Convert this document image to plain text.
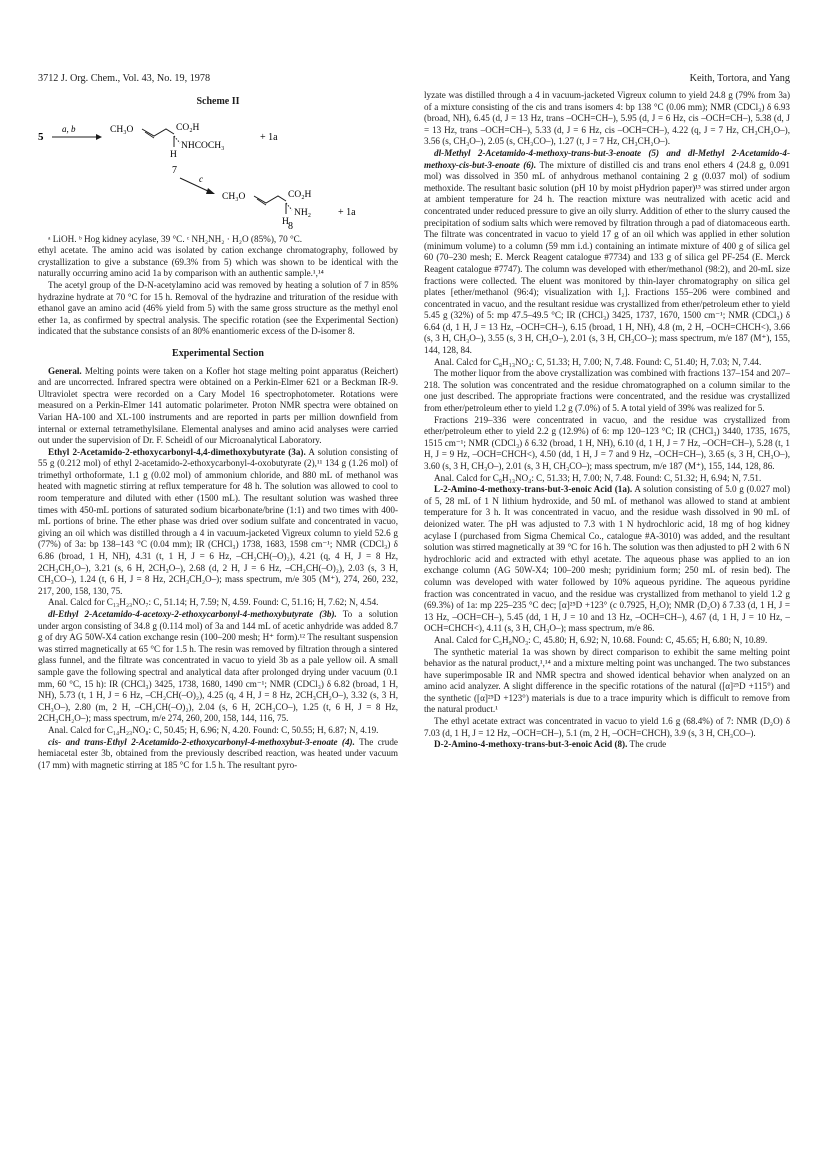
3712 J. Org. Chem., Vol. 43, No. 19, 1978	Keith, Tortora, and Yang
Scheme II
5
a, b	CH₃O	CO₂H
NHCOCH₃
H
+ 1a
7
c
CH₃O	CO₂H
NH₂
H
+ 1a
8

ᵃ LiOH. ᵇ Hog kidney acylase, 39 °C. ᶜ NH₂NH₂ · H₂O (85%), 70 °C.

ethyl acetate. The amino acid was isolated by cation exchange chromatography, followed by crystallization to give a substance (69.3% from 5) which was shown to be identical with the naturally occurring amino acid 1a by comparison with an authentic sample.¹,¹⁴

The acetyl group of the D-N-acetylamino acid was removed by heating a solution of 7 in 85% hydrazine hydrate at 70 °C for 15 h. Removal of the hydrazine and trituration of the residue with ethanol gave an amino acid (46% yield from 5) with the same gross structure as the methyl enol ether 1a, as confirmed by spectral analysis. The specific rotation (see the Experimental Section) indicated that the substance consists of an 80% enantiomeric excess of the D-isomer 8.

Experimental Section

General. Melting points were taken on a Kofler hot stage melting point apparatus (Reichert) and are uncorrected. Infrared spectra were obtained on a Perkin-Elmer 621 or a Beckman IR-9. Ultraviolet spectra were recorded on a Cary Model 16 spectrophotometer. Rotations were measured on a Perkin-Elmer 141 automatic polarimeter. Proton NMR spectra were obtained on Varian HA-100 and XL-100 instruments and are reported in parts per million downfield from internal or external tetramethylsilane. Elemental analyses and amino acid analyses were carried out under the supervision of Dr. F. Scheidl of our Microanalytical Laboratory.

Ethyl 2-Acetamido-2-ethoxycarbonyl-4,4-dimethoxybutyrate (3a). A solution consisting of 55 g (0.212 mol) of ethyl 2-acetamido-2-ethoxycarbonyl-4-oxobutyrate (2),¹¹ 134 g (1.26 mol) of trimethyl orthoformate, 1.1 g (0.02 mol) of ammonium chloride, and 880 mL of methanol was heated with magnetic stirring at reflux temperature for 48 h. The solution was allowed to cool to room temperature and diluted with ether (1500 mL). The resultant solution was washed three times with 450-mL portions of saturated sodium bicarbonate/brine (1:1) and two times with 400-mL portions of brine. The ether phase was dried over sodium sulfate and concentrated in vacuo, giving an oil which was distilled through a 4 in vacuum-jacketed Vigreux column to yield 52.6 g (77%) of 3a: bp 138–143 °C (0.04 mm); IR (CHCl₃) 1738, 1683, 1598 cm⁻¹; NMR (CDCl₃) δ 6.86 (broad, 1 H, NH), 4.31 (t, 1 H, J = 6 Hz, –CH₂CH(–O)₂), 4.21 (q, 4 H, J = 8 Hz, 2CH₃CH₂O–), 3.21 (s, 6 H, 2CH₃O–), 2.68 (d, 2 H, J = 6 Hz, –CH₂CH(–O)₂), 2.03 (s, 3 H, CH₃CO–), 1.24 (t, 6 H, J = 8 Hz, 2CH₃CH₂O–); mass spectrum, m/e 305 (M⁺), 274, 260, 232, 217, 200, 158, 130, 75.

Anal. Calcd for C₁₃H₂₃NO₇: C, 51.14; H, 7.59; N, 4.59. Found: C, 51.16; H, 7.62; N, 4.54.

dl-Ethyl 2-Acetamido-4-acetoxy-2-ethoxycarbonyl-4-methoxybutyrate (3b). To a solution under argon consisting of 34.8 g (0.114 mol) of 3a and 144 mL of acetic anhydride was added 8.7 g of dry AG 50W-X4 cation exchange resin (100–200 mesh; H⁺ form).¹² The resultant suspension was stirred magnetically at 65 °C for 1.5 h. The resin was removed by filtration through a sintered glass funnel, and the filtrate was concentrated in vacuo to yield 3b as a pale yellow oil. A small sample gave the following spectral and analytical data after prolonged drying under vacuum (0.1 mm, 60 °C, 15 h): IR (CHCl₃) 3425, 1738, 1680, 1490 cm⁻¹; NMR (CDCl₃) δ 6.82 (broad, 1 H, NH), 5.73 (t, 1 H, J = 6 Hz, –CH₂CH(–O)₂), 4.25 (q, 4 H, J = 8 Hz, 2CH₃CH₂O–), 3.32 (s, 3 H, CH₃O–), 2.80 (m, 2 H, –CH₂CH(–O)₂), 2.04 (s, 6 H, 2CH₃CO–), 1.25 (t, 6 H, J = 8 Hz, 2CH₃CH₂O–); mass spectrum, m/e 274, 260, 200, 158, 144, 116, 75.

Anal. Calcd for C₁₄H₂₃NO₈: C, 50.45; H, 6.96; N, 4.20. Found: C, 50.55; H, 6.87; N, 4.19.

cis- and trans-Ethyl 2-Acetamido-2-ethoxycarbonyl-4-methoxybut-3-enoate (4). The crude hemiacetal ester 3b, obtained from the previously described reaction, was heated under vacuum (17 mm) with magnetic stirring at 185 °C for 1.5 h. The resultant pyro-

lyzate was distilled through a 4 in vacuum-jacketed Vigreux column to yield 24.8 g (79% from 3a) of a mixture consisting of the cis and trans isomers 4: bp 138 °C (0.06 mm); NMR (CDCl₃) δ 6.93 (broad, NH), 6.45 (d, J = 13 Hz, trans –OCH=CH–), 5.95 (d, J = 6 Hz, cis –OCH=CH–), 5.38 (d, J = 13 Hz, trans –OCH=CH–), 5.33 (d, J = 6 Hz, cis –OCH=CH–), 4.22 (q, J = 7 Hz, CH₃CH₂O–), 3.56 (s, CH₃O–), 2.05 (s, CH₃CO–), 1.27 (t, J = 7 Hz, CH₃CH₂O–).

dl-Methyl 2-Acetamido-4-methoxy-trans-but-3-enoate (5) and dl-Methyl 2-Acetamido-4-methoxy-cis-but-3-enoate (6). The mixture of distilled cis and trans enol ethers 4 (24.8 g, 0.091 mol) was dissolved in 350 mL of anhydrous methanol containing 2 g (0.037 mol) of sodium methoxide. The resultant basic solution (pH 10 by moist pHydrion paper)¹³ was stirred under argon at ambient temperature for 24 h. The reaction mixture was neutralized with acetic acid and concentrated under reduced pressure to give an oily slurry. Addition of ether to the slurry caused the precipitation of sodium salts which were removed by filtration through a pad of diatomaceous earth. The filtrate was concentrated in vacuo to yield 17 g of an oil which was applied in ether solution (minimum volume) to a column (59 mm i.d.) containing an intimate mixture of 400 g of silica gel 60 (70–230 mesh; E. Merck Reagent catalogue #7734) and 133 g of silica gel PF-254 (E. Merck Reagent catalogue #7747). The column was developed with ether/methanol (98:2), and 20-mL size fractions were collected. The eluent was monitored by thin-layer chromatography on silica gel plates [ether/methanol (96:4); visualization with I₂]. Fractions 155–206 were combined and concentrated in vacuo, and the resultant residue was crystallized from ether/petroleum ether to yield 5.45 g (32%) of 5: mp 47.5–49.5 °C; IR (CHCl₃) 3425, 1737, 1670, 1500 cm⁻¹; NMR (CDCl₃) δ 6.64 (d, 1 H, J = 13 Hz, –OCH=CH–), 6.15 (broad, 1 H, NH), 4.8 (m, 2 H, –OCH=CHCH<), 3.66 (s, 3 H, CH₃O–), 3.55 (s, 3 H, CH₃O–), 2.01 (s, 3 H, CH₃CO–); mass spectrum, m/e 187 (M⁺), 155, 144, 128, 84.

Anal. Calcd for C₈H₁₃NO₄: C, 51.33; H, 7.00; N, 7.48. Found: C, 51.40; H, 7.03; N, 7.44.

The mother liquor from the above crystallization was combined with fractions 137–154 and 207–218. The solution was concentrated and the residue chromatographed on a column similar to the one just described. The appropriate fractions were concentrated, and the residue was crystallized from ether/petroleum ether to yield 1.2 g (7.0%) of 5. A total yield of 39% was realized for 5.

Fractions 219–336 were concentrated in vacuo, and the residue was crystallized from ether/petroleum ether to yield 2.2 g (12.9%) of 6: mp 120–123 °C; IR (CHCl₃) 3440, 1735, 1675, 1515 cm⁻¹; NMR (CDCl₃) δ 6.32 (broad, 1 H, NH), 6.10 (d, 1 H, J = 7 Hz, –OCH=CH–), 5.28 (t, 1 H, J = 9 Hz, –OCH=CHCH<), 4.50 (dd, 1 H, J = 7 and 9 Hz, –OCH=CH–), 3.65 (s, 3 H, CH₃O–), 3.60 (s, 3 H, CH₃O–), 2.01 (s, 3 H, CH₃CO–); mass spectrum, m/e 187 (M⁺), 155, 144, 128, 86.

Anal. Calcd for C₈H₁₃NO₄: C, 51.33; H, 7.00; N, 7.48. Found: C, 51.32; H, 6.94; N, 7.51.

L-2-Amino-4-methoxy-trans-but-3-enoic Acid (1a). A solution consisting of 5.0 g (0.027 mol) of 5, 28 mL of 1 N lithium hydroxide, and 50 mL of methanol was allowed to stand at ambient temperature for 3 h. It was concentrated in vacuo, and the residue wash dissolved in 90 mL of deionized water. The pH was adjusted to 7.3 with 1 N hydrochloric acid, 18 mg of hog kidney acylase I (purchased from Sigma Chemical Co., catalogue #A-3010) was added, and the resultant solution was stirred magnetically at 39 °C for 16 h. The solution was then adjusted to pH 2 with 6 N hydrochloric acid and extracted with ethyl acetate. The aqueous phase was applied to an ion exchange column (AG 50W-X4; 100–200 mesh; pyridinium form; 250 mL of resin bed). The column was developed with water followed by 10% aqueous pyridine. The aqueous pyridine fraction was concentrated in vacuo, and the residue was crystallized from methanol to yield 1.2 g (69.3%) of 1a: mp 225–235 °C dec; [α]²⁵D +123° (c 0.7925, H₂O); NMR (D₂O) δ 7.33 (d, 1 H, J = 13 Hz, –OCH=CH–), 5.45 (dd, 1 H, J = 10 and 13 Hz, –OCH=CH–), 4.67 (d, 1 H, J = 10 Hz, –OCH=CHCH<), 4.11 (s, 3 H, CH₃O–); mass spectrum, m/e 86.

Anal. Calcd for C₅H₉NO₃: C, 45.80; H, 6.92; N, 10.68. Found: C, 45.65; H, 6.80; N, 10.89.

The synthetic material 1a was shown by direct comparison to exhibit the same melting point behavior as the natural product,¹,¹⁴ and a mixture melting point was unchanged. The two substances have superimposable IR and NMR spectra and showed identical behavior when analyzed on an amino acid analyzer. A slight difference in the specific rotations of the natural ([α]²⁵D +115°) and the synthetic ([α]²⁵D +123°) materials is due to a trace impurity which is difficult to remove from the natural product.¹

The ethyl acetate extract was concentrated in vacuo to yield 1.6 g (68.4%) of 7: NMR (D₂O) δ 7.03 (d, 1 H, J = 12 Hz, –OCH=CH–), 5.1 (m, 2 H, –OCH=CHCH), 3.9 (s, 3 H, CH₃CO–).

D-2-Amino-4-methoxy-trans-but-3-enoic Acid (8). The crude
